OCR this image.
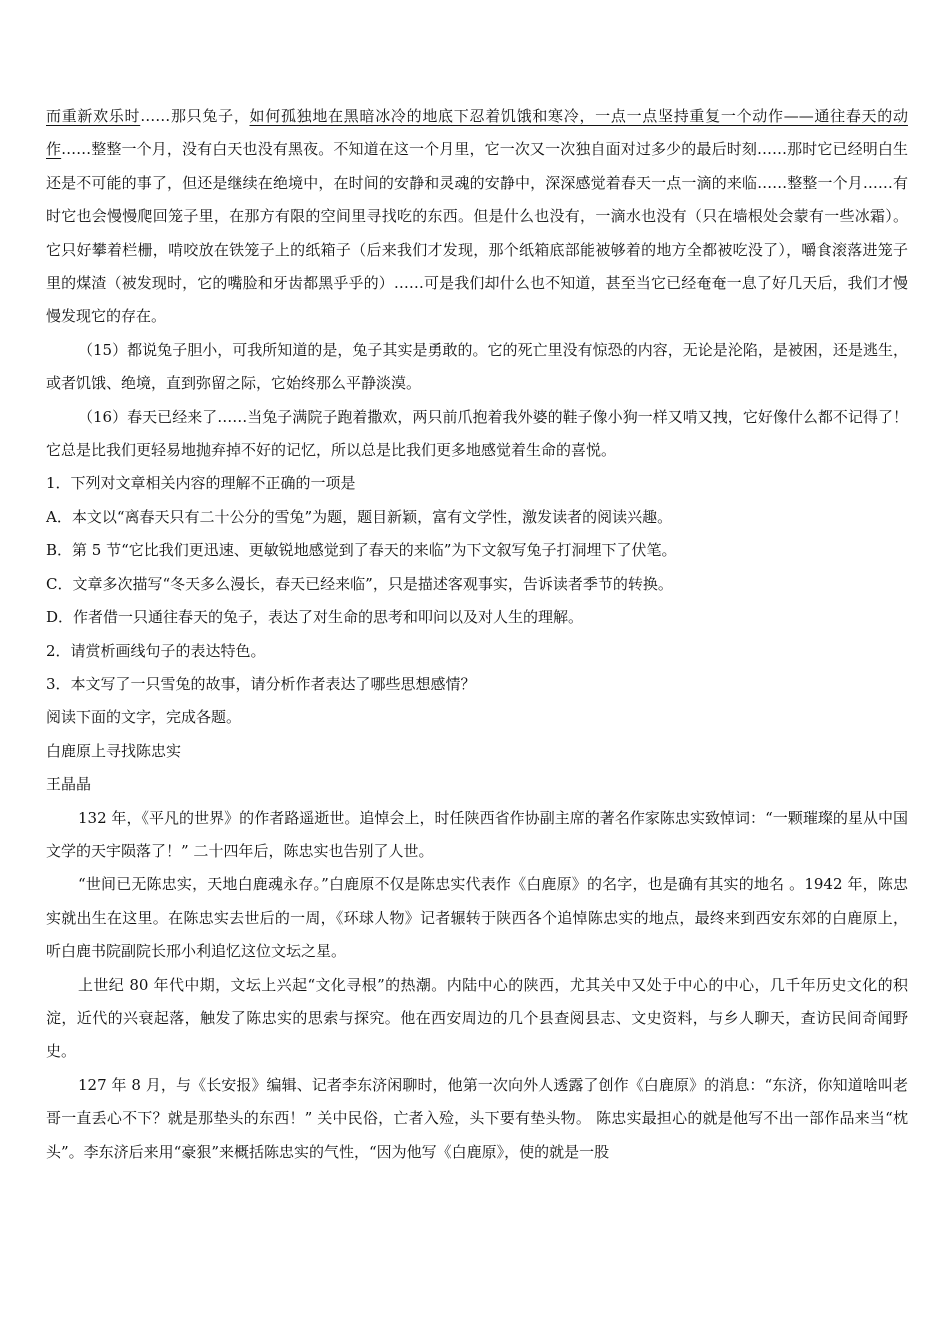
而重新欢乐时……那只兔子，如何孤独地在黑暗冰冷的地底下忍着饥饿和寒冷，一点一点坚持重复一个动作——通往春天的动作……整整一个月，没有白天也没有黑夜。不知道在这一个月里，它一次又一次独自面对过多少的最后时刻……那时它已经明白生还是不可能的事了，但还是继续在绝境中，在时间的安静和灵魂的安静中，深深感觉着春天一点一滴的来临……整整一个月……有时它也会慢慢爬回笼子里，在那方有限的空间里寻找吃的东西。但是什么也没有，一滴水也没有（只在墙根处会蒙有一些冰霜）。它只好攀着栏栅，啃咬放在铁笼子上的纸箱子（后来我们才发现，那个纸箱底部能被够着的地方全都被吃没了），嚼食滚落进笼子里的煤渣（被发现时，它的嘴脸和牙齿都黑乎乎的）……可是我们却什么也不知道，甚至当它已经奄奄一息了好几天后，我们才慢慢发现它的存在。

（15）都说兔子胆小，可我所知道的是，兔子其实是勇敢的。它的死亡里没有惊恐的内容，无论是沦陷，是被困，还是逃生，或者饥饿、绝境，直到弥留之际，它始终那么平静淡漠。

（16）春天已经来了……当兔子满院子跑着撒欢，两只前爪抱着我外婆的鞋子像小狗一样又啃又拽，它好像什么都不记得了！它总是比我们更轻易地抛弃掉不好的记忆，所以总是比我们更多地感觉着生命的喜悦。

1．下列对文章相关内容的理解不正确的一项是

A．本文以“离春天只有二十公分的雪兔”为题，题目新颖，富有文学性，激发读者的阅读兴趣。

B．第 5 节“它比我们更迅速、更敏锐地感觉到了春天的来临”为下文叙写兔子打洞埋下了伏笔。

C．文章多次描写“冬天多么漫长，春天已经来临”，只是描述客观事实，告诉读者季节的转换。

D．作者借一只通往春天的兔子，表达了对生命的思考和叩问以及对人生的理解。

2．请赏析画线句子的表达特色。

3．本文写了一只雪兔的故事，请分析作者表达了哪些思想感情？

阅读下面的文字，完成各题。

白鹿原上寻找陈忠实

王晶晶

132 年，《平凡的世界》的作者路遥逝世。追悼会上，时任陕西省作协副主席的著名作家陈忠实致悼词：“一颗璀璨的星从中国文学的天宇陨落了！” 二十四年后，陈忠实也告别了人世。

“世间已无陈忠实，天地白鹿魂永存。”白鹿原不仅是陈忠实代表作《白鹿原》的名字，也是确有其实的地名 。1942 年，陈忠实就出生在这里。在陈忠实去世后的一周，《环球人物》记者辗转于陕西各个追悼陈忠实的地点，最终来到西安东郊的白鹿原上，听白鹿书院副院长邢小利追忆这位文坛之星。

上世纪 80 年代中期，文坛上兴起“文化寻根”的热潮。内陆中心的陕西，尤其关中又处于中心的中心，几千年历史文化的积淀，近代的兴衰起落，触发了陈忠实的思索与探究。他在西安周边的几个县查阅县志、文史资料，与乡人聊天，查访民间奇闻野史。

127 年 8 月，与《长安报》编辑、记者李东济闲聊时，他第一次向外人透露了创作《白鹿原》的消息：“东济，你知道啥叫老哥一直丢心不下？就是那垫头的东西！” 关中民俗，亡者入殓，头下要有垫头物。 陈忠实最担心的就是他写不出一部作品来当“枕头”。李东济后来用“豪狠”来概括陈忠实的气性，“因为他写《白鹿原》，使的就是一股
